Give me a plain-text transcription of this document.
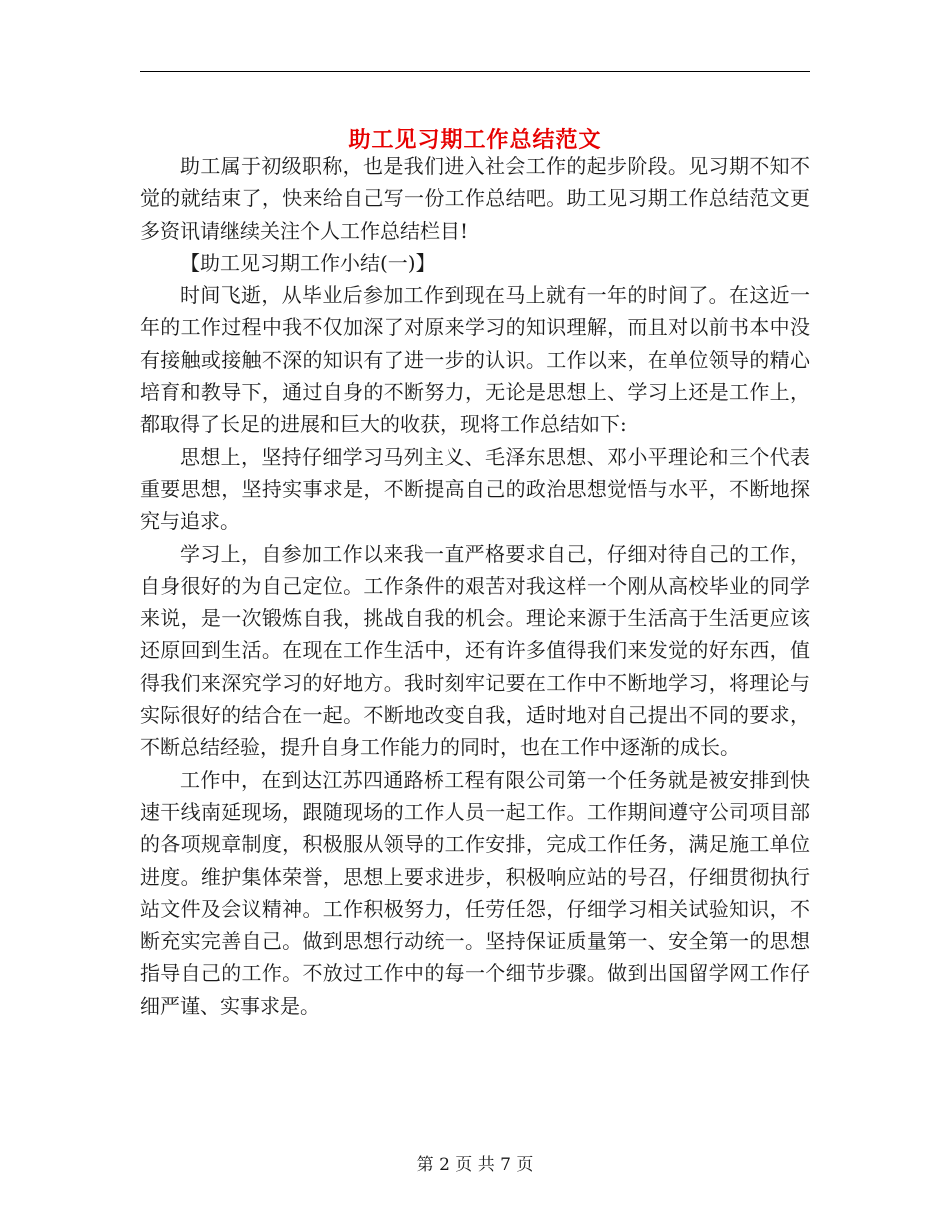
助工见习期工作总结范文

助工属于初级职称，也是我们进入社会工作的起步阶段。见习期不知不觉的就结束了，快来给自己写一份工作总结吧。助工见习期工作总结范文更多资讯请继续关注个人工作总结栏目!

【助工见习期工作小结(一)】

时间飞逝，从毕业后参加工作到现在马上就有一年的时间了。在这近一年的工作过程中我不仅加深了对原来学习的知识理解，而且对以前书本中没有接触或接触不深的知识有了进一步的认识。工作以来，在单位领导的精心培育和教导下，通过自身的不断努力，无论是思想上、学习上还是工作上，都取得了长足的进展和巨大的收获，现将工作总结如下:

思想上，坚持仔细学习马列主义、毛泽东思想、邓小平理论和三个代表重要思想，坚持实事求是，不断提高自己的政治思想觉悟与水平，不断地探究与追求。

学习上，自参加工作以来我一直严格要求自己，仔细对待自己的工作，自身很好的为自己定位。工作条件的艰苦对我这样一个刚从高校毕业的同学来说，是一次锻炼自我，挑战自我的机会。理论来源于生活高于生活更应该还原回到生活。在现在工作生活中，还有许多值得我们来发觉的好东西，值得我们来深究学习的好地方。我时刻牢记要在工作中不断地学习，将理论与实际很好的结合在一起。不断地改变自我，适时地对自己提出不同的要求，不断总结经验，提升自身工作能力的同时，也在工作中逐渐的成长。

工作中，在到达江苏四通路桥工程有限公司第一个任务就是被安排到快速干线南延现场，跟随现场的工作人员一起工作。工作期间遵守公司项目部的各项规章制度，积极服从领导的工作安排，完成工作任务，满足施工单位进度。维护集体荣誉，思想上要求进步，积极响应站的号召，仔细贯彻执行站文件及会议精神。工作积极努力，任劳任怨，仔细学习相关试验知识，不断充实完善自己。做到思想行动统一。坚持保证质量第一、安全第一的思想指导自己的工作。不放过工作中的每一个细节步骤。做到出国留学网工作仔细严谨、实事求是。

第 2 页 共 7 页
